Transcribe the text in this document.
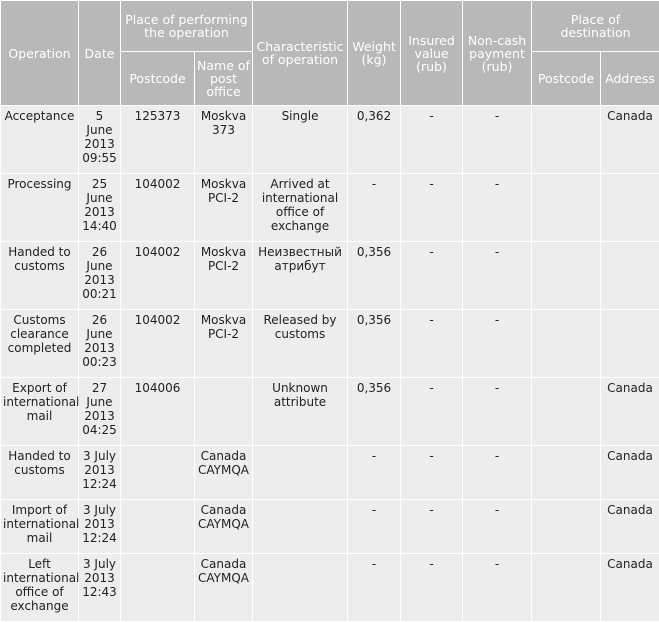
Operation	Date	Place of performing the operation		Characteristic of operation	Weight (kg)	Insured value (rub)	Non-cash payment (rub)	Place of destination	
		Postcode	Name of post office					Postcode	Address
Acceptance	5 June 2013 09:55	125373	Moskva 373	Single	0,362	-	-		Canada
Processing	25 June 2013 14:40	104002	Moskva PCI-2	Arrived at international office of exchange	-	-	-		
Handed to customs	26 June 2013 00:21	104002	Moskva PCI-2	Неизвестный атрибут	0,356	-	-		
Customs clearance completed	26 June 2013 00:23	104002	Moskva PCI-2	Released by customs	0,356	-	-		
Export of international mail	27 June 2013 04:25	104006		Unknown attribute	0,356	-	-		Canada
Handed to customs	3 July 2013 12:24		Canada CAYMQA		-	-	-		Canada
Import of international mail	3 July 2013 12:24		Canada CAYMQA		-	-	-		Canada
Left international office of exchange	3 July 2013 12:43		Canada CAYMQA		-	-	-		Canada
